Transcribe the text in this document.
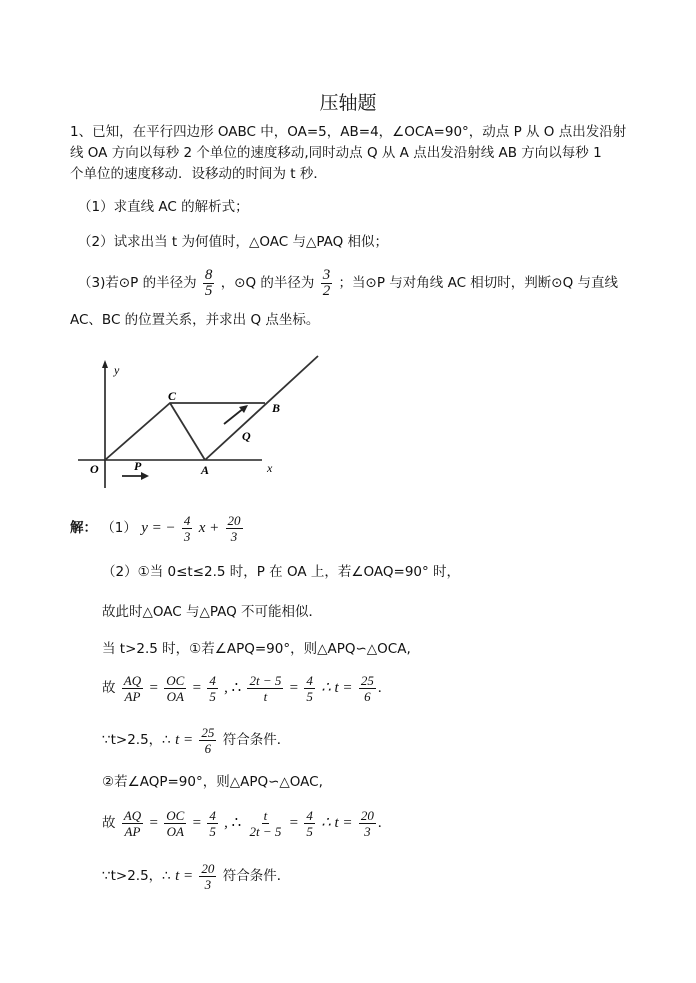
压轴题
1、已知，在平行四边形 OABC 中，OA=5，AB=4，∠OCA=90°，动点 P 从 O 点出发沿射
线 OA 方向以每秒 2 个单位的速度移动,同时动点 Q 从 A 点出发沿射线 AB 方向以每秒 1
个单位的速度移动．设移动的时间为 t 秒．
（1）求直线 AC 的解析式；
（2）试求出当 t 为何值时，△OAC 与△PAQ 相似；
（3)若⊙P 的半径为 $\frac{8}{5}$ ，⊙Q 的半径为 $\frac{3}{2}$ ；当⊙P 与对角线 AC 相切时，判断⊙Q 与直线
AC、BC 的位置关系，并求出 Q 点坐标。
y
x
O	A
B
C
P
Q
解： （1） y = − $\frac{4}{3}$ $x + \frac{20}{3}$
（2）①当 0≤t≤2.5 时，P 在 OA 上，若∠OAQ=90° 时，
故此时△OAC 与△PAQ 不可能相似．
当 t>2.5 时，①若∠APQ=90°，则△APQ∽△OCA,
故 $\frac{AQ}{AP} = \frac{OC}{OA} = \frac{4}{5}$ , ∴ $\frac{2t - 5}{t} = \frac{4}{5}$ ∴ $t = \frac{25}{6}$ .
∵t>2.5，∴ $t = \frac{25}{6}$ 符合条件．
②若∠AQP=90°，则△APQ∽△OAC,
故 $\frac{AQ}{AP} = \frac{OC}{OA} = \frac{4}{5}$ , ∴ $\frac{t}{2t - 5} = \frac{4}{5}$ ∴ $t = \frac{20}{3}$ .
∵t>2.5，∴ $t = \frac{20}{3}$ 符合条件．
